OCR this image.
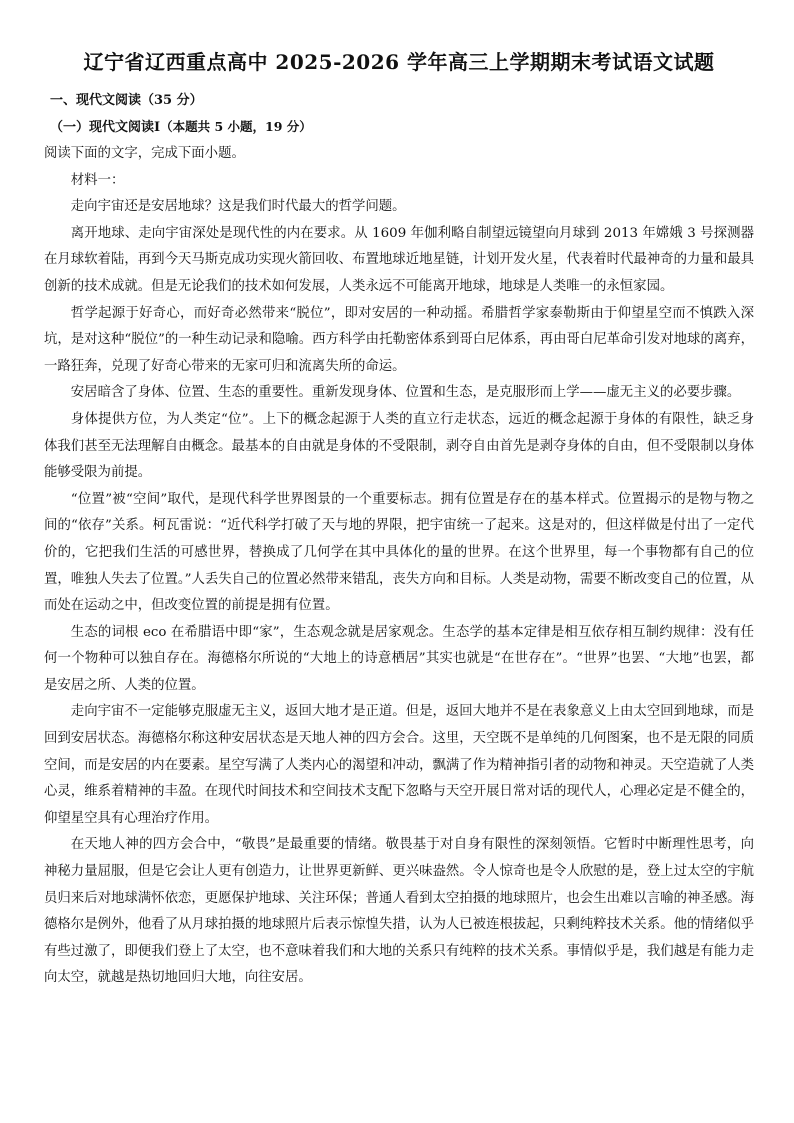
辽宁省辽西重点高中 2025-2026 学年高三上学期期末考试语文试题
一、现代文阅读（35 分）
（一）现代文阅读Ⅰ（本题共 5 小题，19 分）

阅读下面的文字，完成下面小题。

材料一：

走向宇宙还是安居地球？这是我们时代最大的哲学问题。

离开地球、走向宇宙深处是现代性的内在要求。从 1609 年伽利略自制望远镜望向月球到 2013 年嫦娥 3 号探测器在月球软着陆，再到今天马斯克成功实现火箭回收、布置地球近地星链，计划开发火星，代表着时代最神奇的力量和最具创新的技术成就。但是无论我们的技术如何发展，人类永远不可能离开地球，地球是人类唯一的永恒家园。

哲学起源于好奇心，而好奇必然带来“脱位”，即对安居的一种动摇。希腊哲学家泰勒斯由于仰望星空而不慎跌入深坑，是对这种“脱位”的一种生动记录和隐喻。西方科学由托勒密体系到哥白尼体系，再由哥白尼革命引发对地球的离弃，一路狂奔，兑现了好奇心带来的无家可归和流离失所的命运。

安居暗含了身体、位置、生态的重要性。重新发现身体、位置和生态，是克服形而上学——虚无主义的必要步骤。

身体提供方位，为人类定“位”。上下的概念起源于人类的直立行走状态，远近的概念起源于身体的有限性，缺乏身体我们甚至无法理解自由概念。最基本的自由就是身体的不受限制，剥夺自由首先是剥夺身体的自由，但不受限制以身体能够受限为前提。

“位置”被“空间”取代，是现代科学世界图景的一个重要标志。拥有位置是存在的基本样式。位置揭示的是物与物之间的“依存”关系。柯瓦雷说：“近代科学打破了天与地的界限，把宇宙统一了起来。这是对的，但这样做是付出了一定代价的，它把我们生活的可感世界，替换成了几何学在其中具体化的量的世界。在这个世界里，每一个事物都有自己的位置，唯独人失去了位置。”人丢失自己的位置必然带来错乱，丧失方向和目标。人类是动物，需要不断改变自己的位置，从而处在运动之中，但改变位置的前提是拥有位置。

生态的词根 eco 在希腊语中即“家”，生态观念就是居家观念。生态学的基本定律是相互依存相互制约规律：没有任何一个物种可以独自存在。海德格尔所说的“大地上的诗意栖居”其实也就是“在世存在”。“世界”也罢、“大地”也罢，都是安居之所、人类的位置。

走向宇宙不一定能够克服虚无主义，返回大地才是正道。但是，返回大地并不是在表象意义上由太空回到地球，而是回到安居状态。海德格尔称这种安居状态是天地人神的四方会合。这里，天空既不是单纯的几何图案，也不是无限的同质空间，而是安居的内在要素。星空写满了人类内心的渴望和冲动，飘满了作为精神指引者的动物和神灵。天空造就了人类心灵，维系着精神的丰盈。在现代时间技术和空间技术支配下忽略与天空开展日常对话的现代人，心理必定是不健全的，仰望星空具有心理治疗作用。

在天地人神的四方会合中，“敬畏”是最重要的情绪。敬畏基于对自身有限性的深刻领悟。它暂时中断理性思考，向神秘力量屈服，但是它会让人更有创造力，让世界更新鲜、更兴味盎然。令人惊奇也是令人欣慰的是，登上过太空的宇航员归来后对地球满怀依恋，更愿保护地球、关注环保；普通人看到太空拍摄的地球照片，也会生出难以言喻的神圣感。海德格尔是例外，他看了从月球拍摄的地球照片后表示惊惶失措，认为人已被连根拔起，只剩纯粹技术关系。他的情绪似乎有些过激了，即便我们登上了太空，也不意味着我们和大地的关系只有纯粹的技术关系。事情似乎是，我们越是有能力走向太空，就越是热切地回归大地，向往安居。
